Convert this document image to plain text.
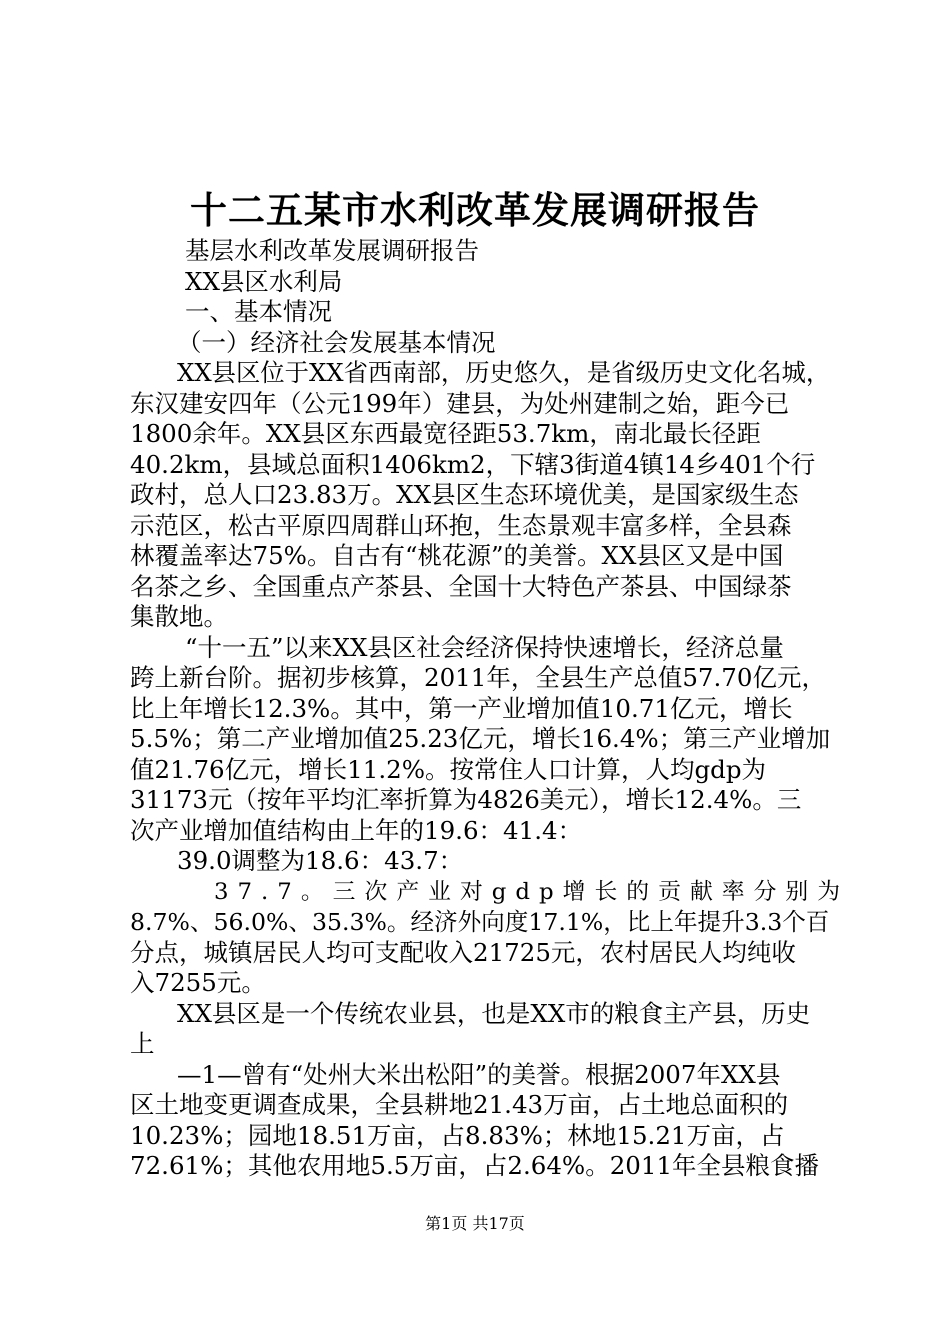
十二五某市水利改革发展调研报告
基层水利改革发展调研报告
XX县区水利局
一、基本情况
（一）经济社会发展基本情况
XX县区位于XX省西南部，历史悠久，是省级历史文化名城，
东汉建安四年（公元199年）建县，为处州建制之始，距今已
1800余年。XX县区东西最宽径距53.7km，南北最长径距
40.2km，县域总面积1406km2，下辖3街道4镇14乡401个行
政村，总人口23.83万。XX县区生态环境优美，是国家级生态
示范区，松古平原四周群山环抱，生态景观丰富多样，全县森
林覆盖率达75%。自古有“桃花源”的美誉。XX县区又是中国
名茶之乡、全国重点产茶县、全国十大特色产茶县、中国绿茶
集散地。
“十一五”以来XX县区社会经济保持快速增长，经济总量
跨上新台阶。据初步核算，2011年，全县生产总值57.70亿元，
比上年增长12.3%。其中，第一产业增加值10.71亿元，增长
5.5%；第二产业增加值25.23亿元，增长16.4%；第三产业增加
值21.76亿元，增长11.2%。按常住人口计算，人均gdp为
31173元（按年平均汇率折算为4826美元），增长12.4%。三
次产业增加值结构由上年的19.6：41.4：
39.0调整为18.6：43.7：
37.7。三次产业对gdp增长的贡献率分别为
8.7%、56.0%、35.3%。经济外向度17.1%，比上年提升3.3个百
分点，城镇居民人均可支配收入21725元，农村居民人均纯收
入7255元。
XX县区是一个传统农业县，也是XX市的粮食主产县，历史
上
—1—曾有“处州大米出松阳”的美誉。根据2007年XX县
区土地变更调查成果，全县耕地21.43万亩，占土地总面积的
10.23%；园地18.51万亩，占8.83%；林地15.21万亩，占
72.61%；其他农用地5.5万亩，占2.64%。2011年全县粮食播
第1页 共17页
